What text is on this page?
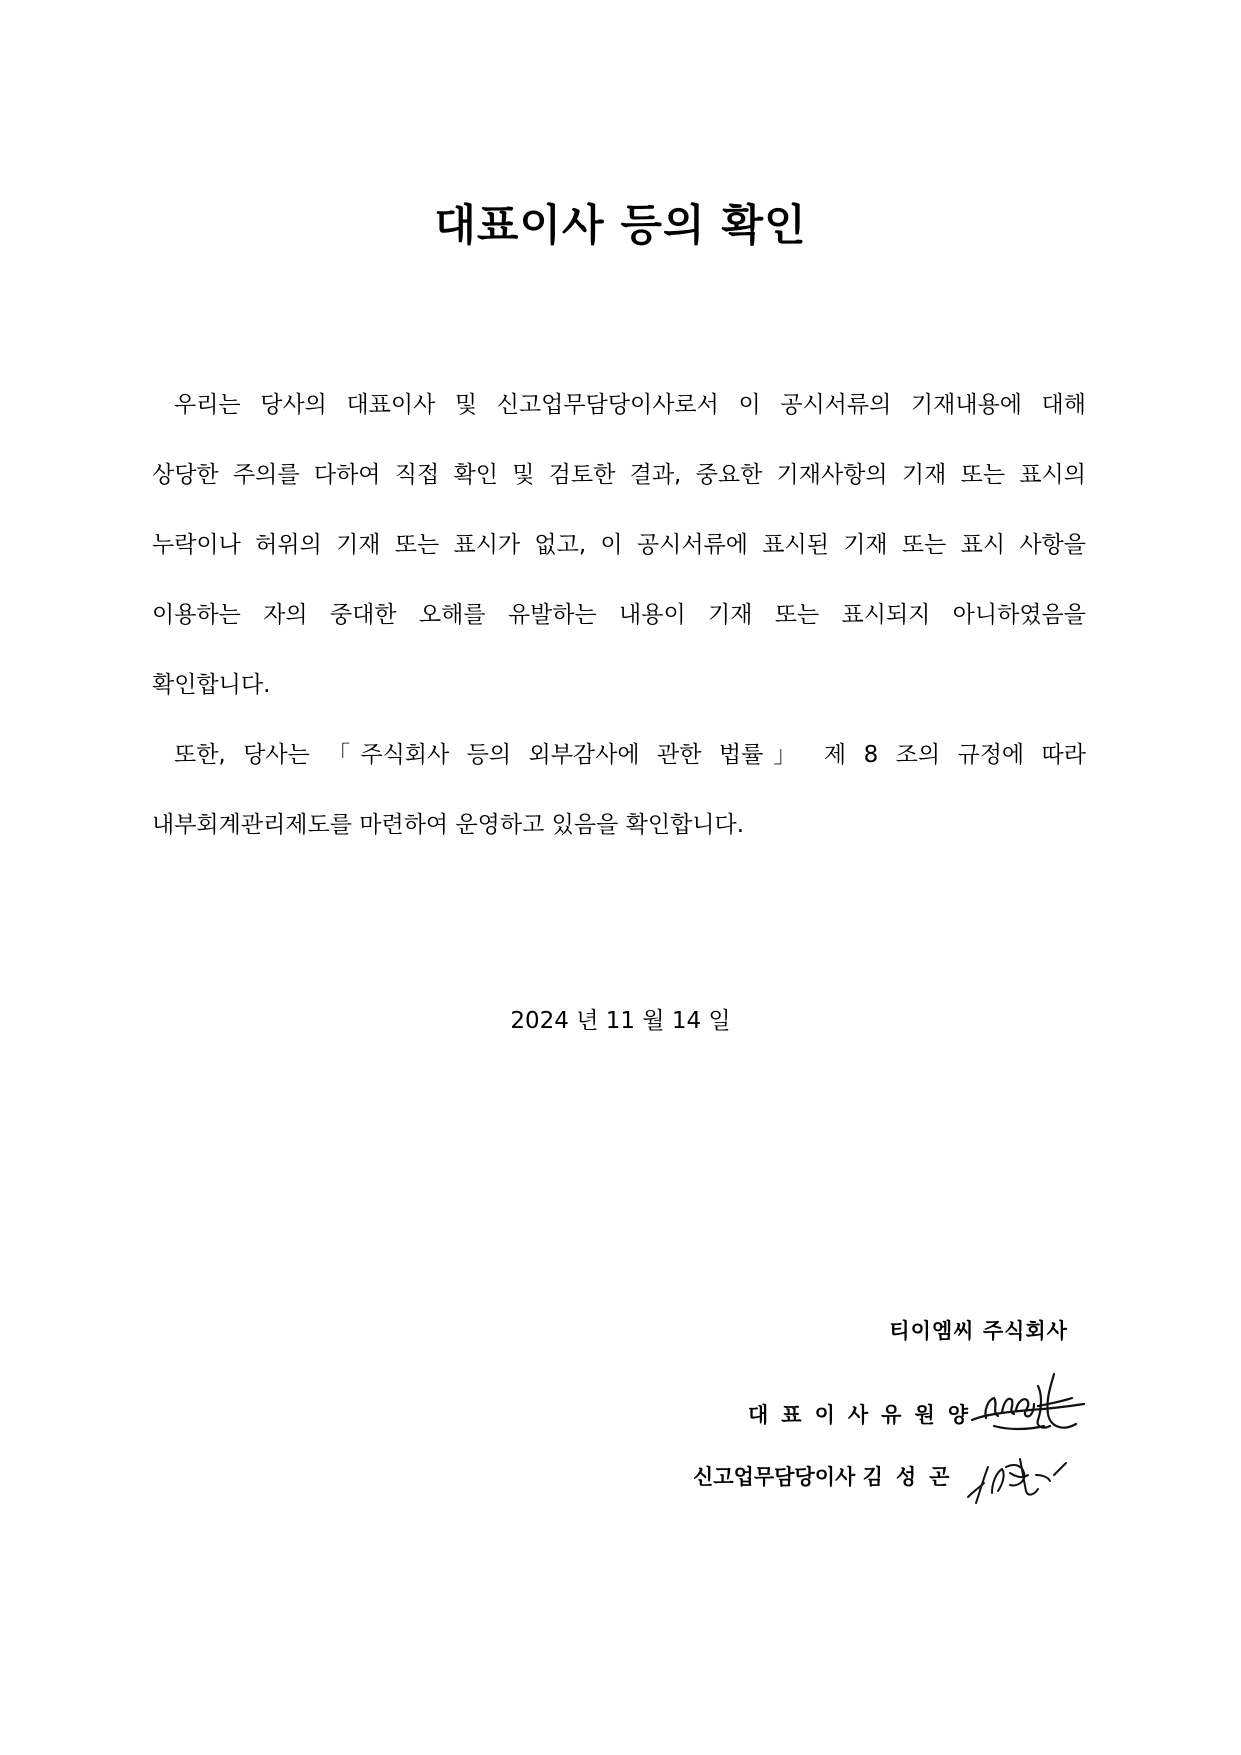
대표이사 등의 확인
우리는 당사의 대표이사 및 신고업무담당이사로서 이 공시서류의 기재내용에 대해
상당한 주의를 다하여 직접 확인 및 검토한 결과, 중요한 기재사항의 기재 또는 표시의
누락이나 허위의 기재 또는 표시가 없고, 이 공시서류에 표시된 기재 또는 표시 사항을
이용하는 자의 중대한 오해를 유발하는 내용이 기재 또는 표시되지 아니하였음을
확인합니다.
또한, 당사는 「주식회사 등의 외부감사에 관한 법률」 제 8 조의 규정에 따라
내부회계관리제도를 마련하여 운영하고 있음을 확인합니다.
2024 년 11 월 14 일
티이엠씨 주식회사
대표이사유원양
신고업무담당이사 김성곤
